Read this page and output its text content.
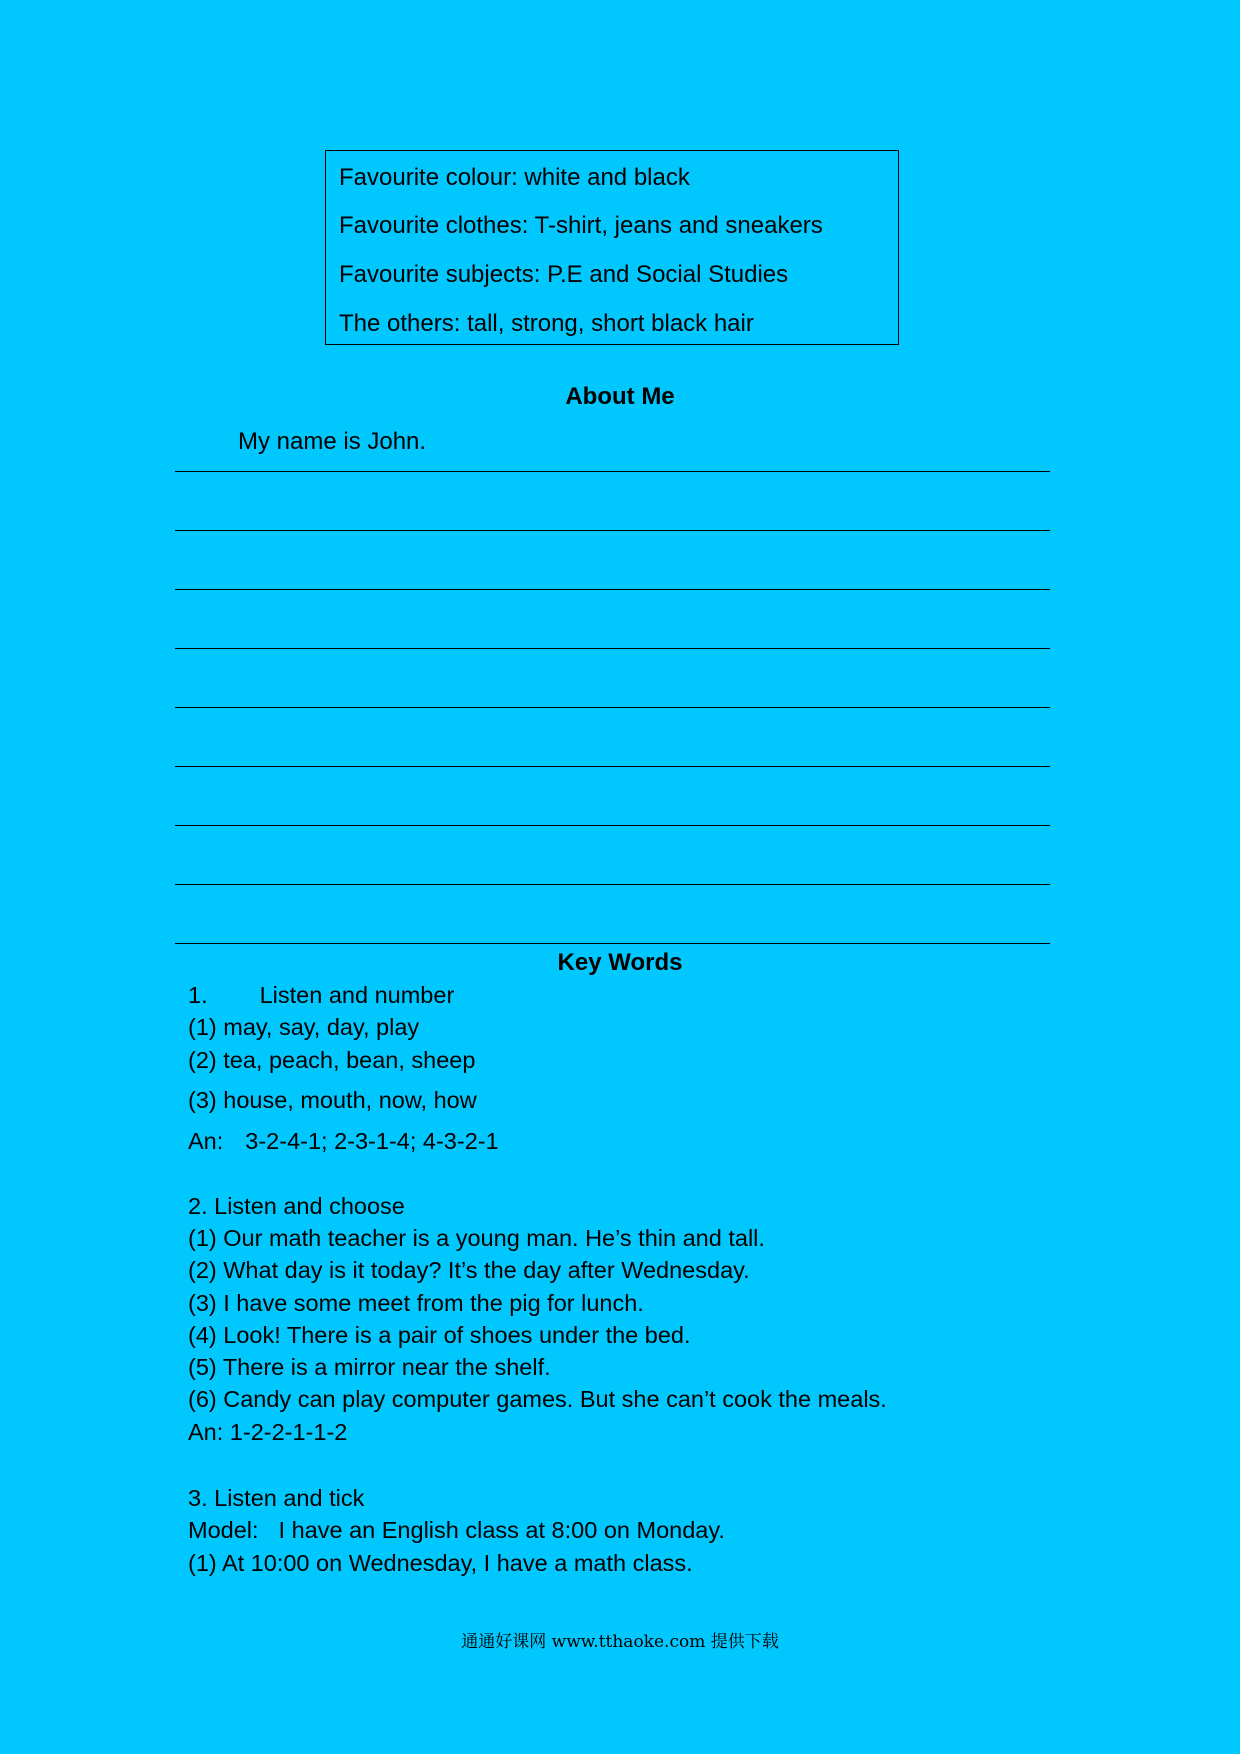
Favourite colour: white and black
Favourite clothes: T-shirt, jeans and sneakers
Favourite subjects: P.E and Social Studies
The others: tall, strong, short black hair
About Me
My name is John.
Key Words
1. Listen and number
(1) may, say, day, play
(2) tea, peach, bean, sheep
(3) house, mouth, now, how
An: 3-2-4-1; 2-3-1-4; 4-3-2-1
2. Listen and choose
(1) Our math teacher is a young man. He’s thin and tall.
(2) What day is it today? It’s the day after Wednesday.
(3) I have some meet from the pig for lunch.
(4) Look! There is a pair of shoes under the bed.
(5) There is a mirror near the shelf.
(6) Candy can play computer games. But she can’t cook the meals.
An: 1-2-2-1-1-2
3. Listen and tick
Model: I have an English class at 8:00 on Monday.
(1) At 10:00 on Wednesday, I have a math class.
通通好课网 www.tthaoke.com 提供下载
